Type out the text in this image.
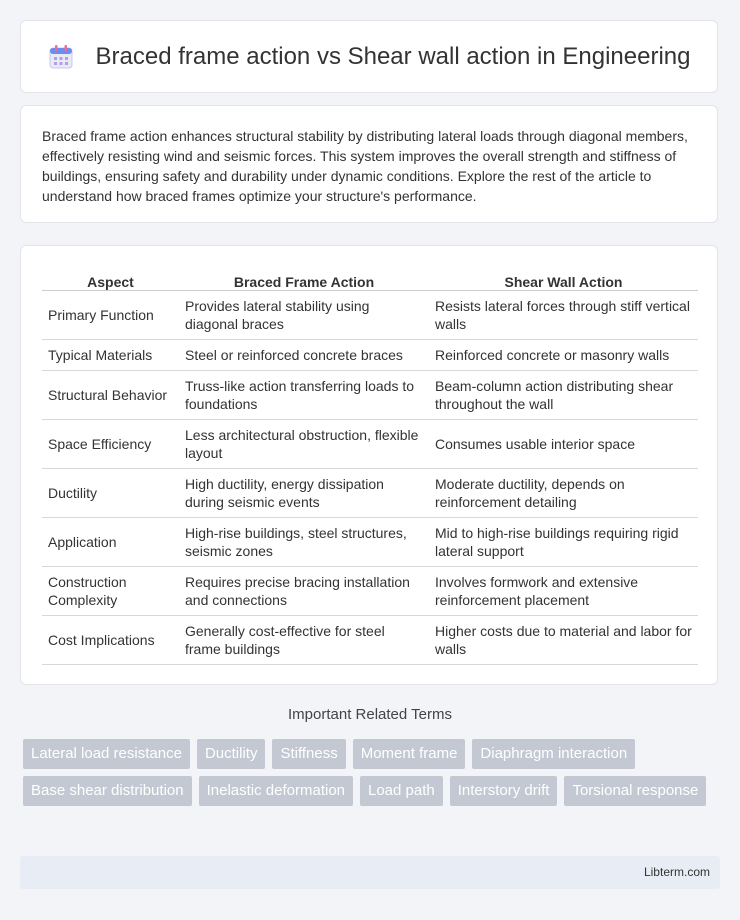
Braced frame action vs Shear wall action in Engineering
Braced frame action enhances structural stability by distributing lateral loads through diagonal members, effectively resisting wind and seismic forces. This system improves the overall strength and stiffness of buildings, ensuring safety and durability under dynamic conditions. Explore the rest of the article to understand how braced frames optimize your structure's performance.
Aspect	Braced Frame Action	Shear Wall Action
Primary Function	Provides lateral stability using diagonal braces	Resists lateral forces through stiff vertical walls
Typical Materials	Steel or reinforced concrete braces	Reinforced concrete or masonry walls
Structural Behavior	Truss-like action transferring loads to foundations	Beam-column action distributing shear throughout the wall
Space Efficiency	Less architectural obstruction, flexible layout	Consumes usable interior space
Ductility	High ductility, energy dissipation during seismic events	Moderate ductility, depends on reinforcement detailing
Application	High-rise buildings, steel structures, seismic zones	Mid to high-rise buildings requiring rigid lateral support
Construction Complexity	Requires precise bracing installation and connections	Involves formwork and extensive reinforcement placement
Cost Implications	Generally cost-effective for steel frame buildings	Higher costs due to material and labor for walls
Important Related Terms
Lateral load resistance	Ductility	Stiffness	Moment frame	Diaphragm interaction
Base shear distribution	Inelastic deformation	Load path	Interstory drift	Torsional response
Libterm.com
